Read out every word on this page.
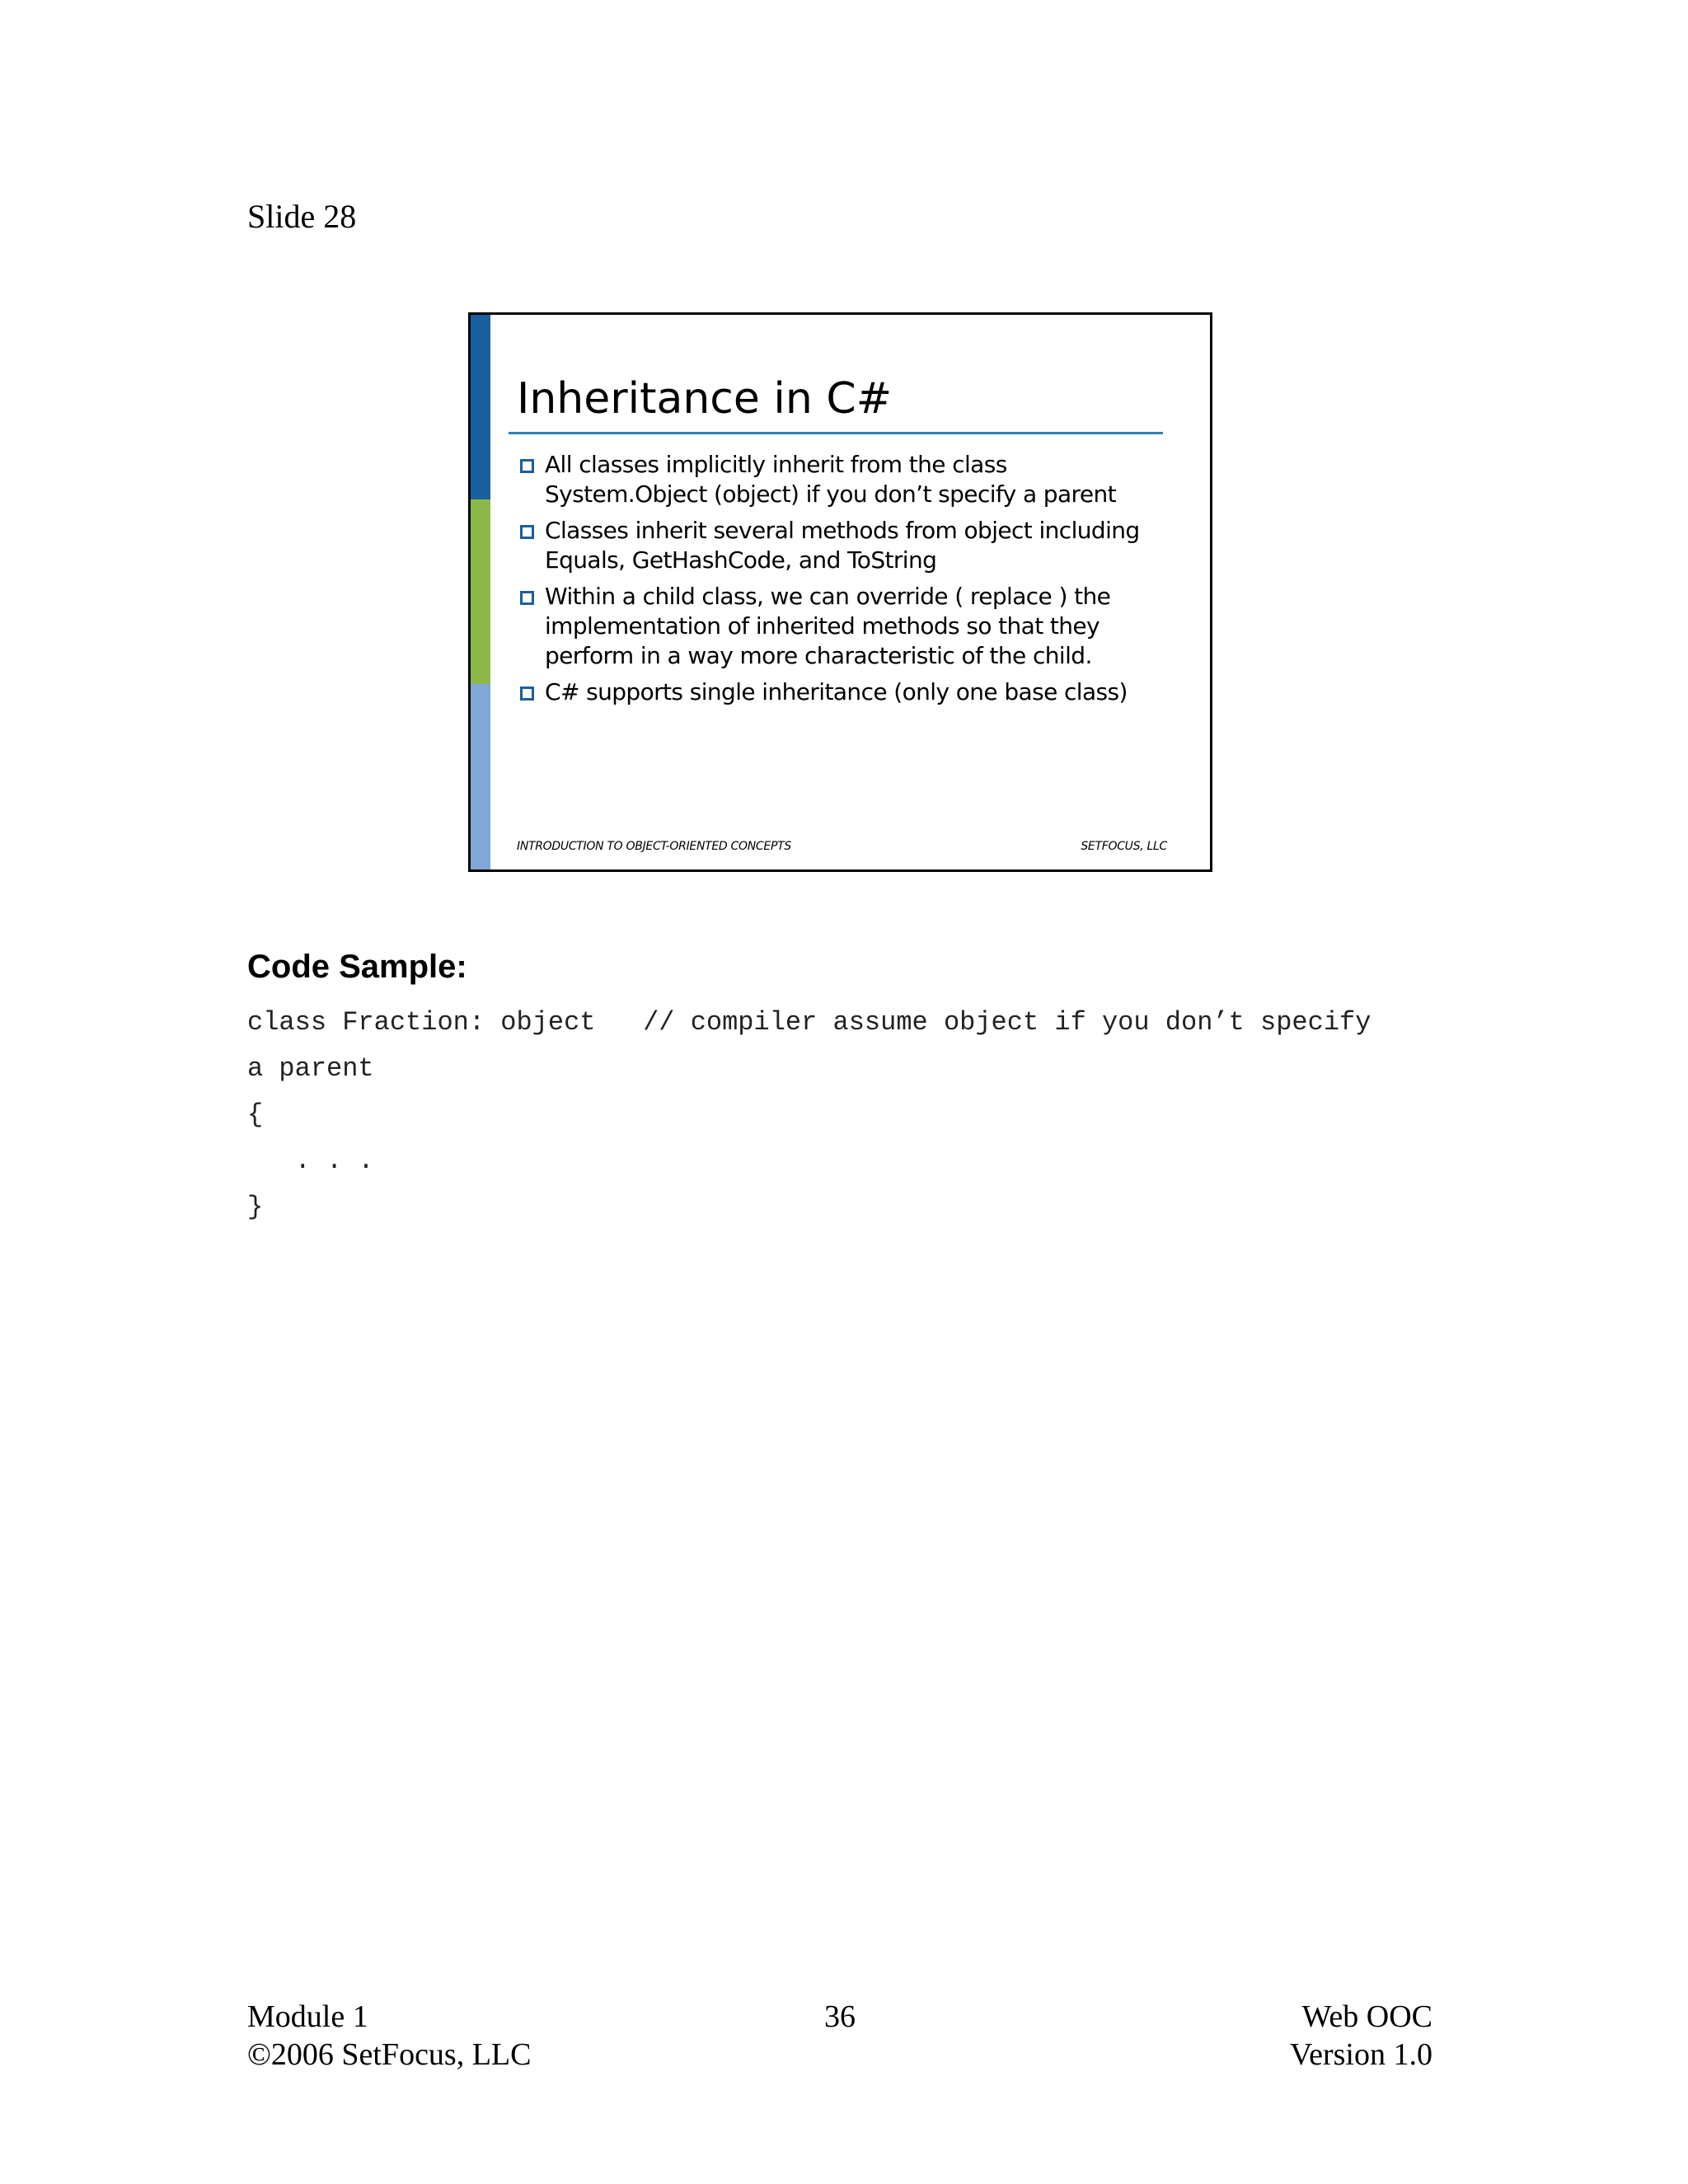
Slide 28
Inheritance in C#
All classes implicitly inherit from the class System.Object (object) if you don’t specify a parent
Classes inherit several methods from object including Equals, GetHashCode, and ToString
Within a child class, we can override ( replace ) the implementation of inherited methods so that they perform in a way more characteristic of the child.
C# supports single inheritance (only one base class)
INTRODUCTION TO OBJECT-ORIENTED CONCEPTS	SETFOCUS, LLC
Code Sample:
class Fraction: object   // compiler assume object if you don’t specify
a parent
{
. . .
}
Module 1
©2006 SetFocus, LLC
36	Web OOC
Version 1.0
